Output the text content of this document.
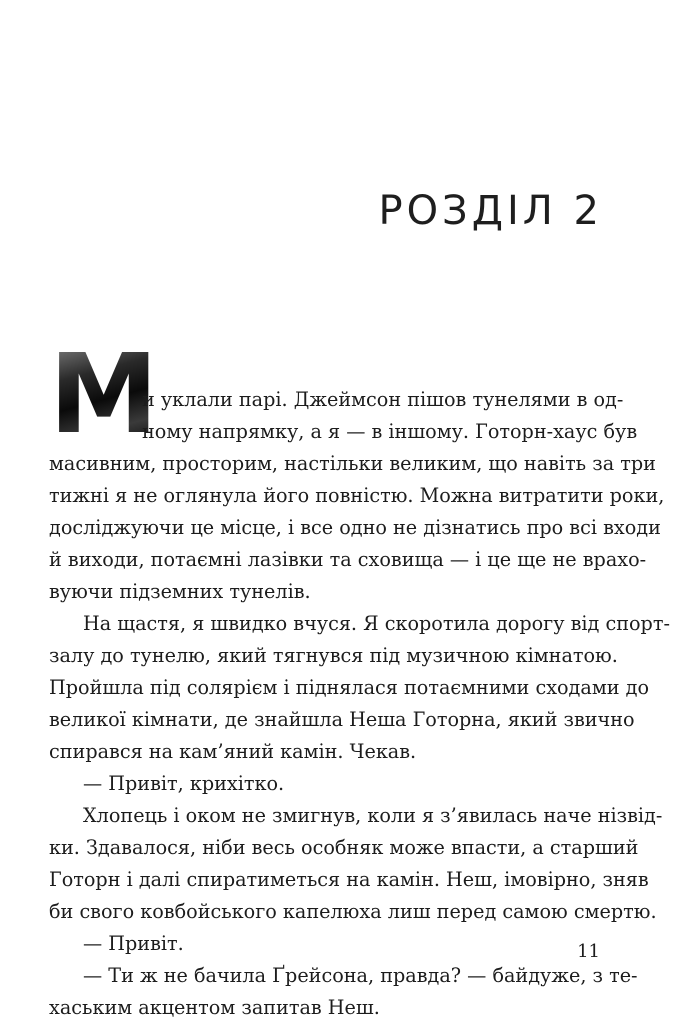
РОЗДІЛ 2
М
и уклали парі. Джеймсон пішов тунелями в од-
ному напрямку, а я — в іншому. Готорн-хаус був
масивним, просторим, настільки великим, що навіть за три
тижні я не оглянула його повністю. Можна витратити роки,
досліджуючи це місце, і все одно не дізнатись про всі входи
й виходи, потаємні лазівки та сховища — і це ще не врахо-
вуючи підземних тунелів.
На щастя, я швидко вчуся. Я скоротила дорогу від спорт-
залу до тунелю, який тягнувся під музичною кімнатою.
Пройшла під солярієм і піднялася потаємними сходами до
великої кімнати, де знайшла Неша Готорна, який звично
спирався на кам’яний камін. Чекав.
— Привіт, крихітко.
Хлопець і оком не змигнув, коли я з’явилась наче нізвід-
ки. Здавалося, ніби весь особняк може впасти, а старший
Готорн і далі спиратиметься на камін. Неш, імовірно, зняв
би свого ковбойського капелюха лиш перед самою смертю.
— Привіт.
— Ти ж не бачила Ґрейсона, правда? — байдуже, з те-
хаським акцентом запитав Неш.
11
